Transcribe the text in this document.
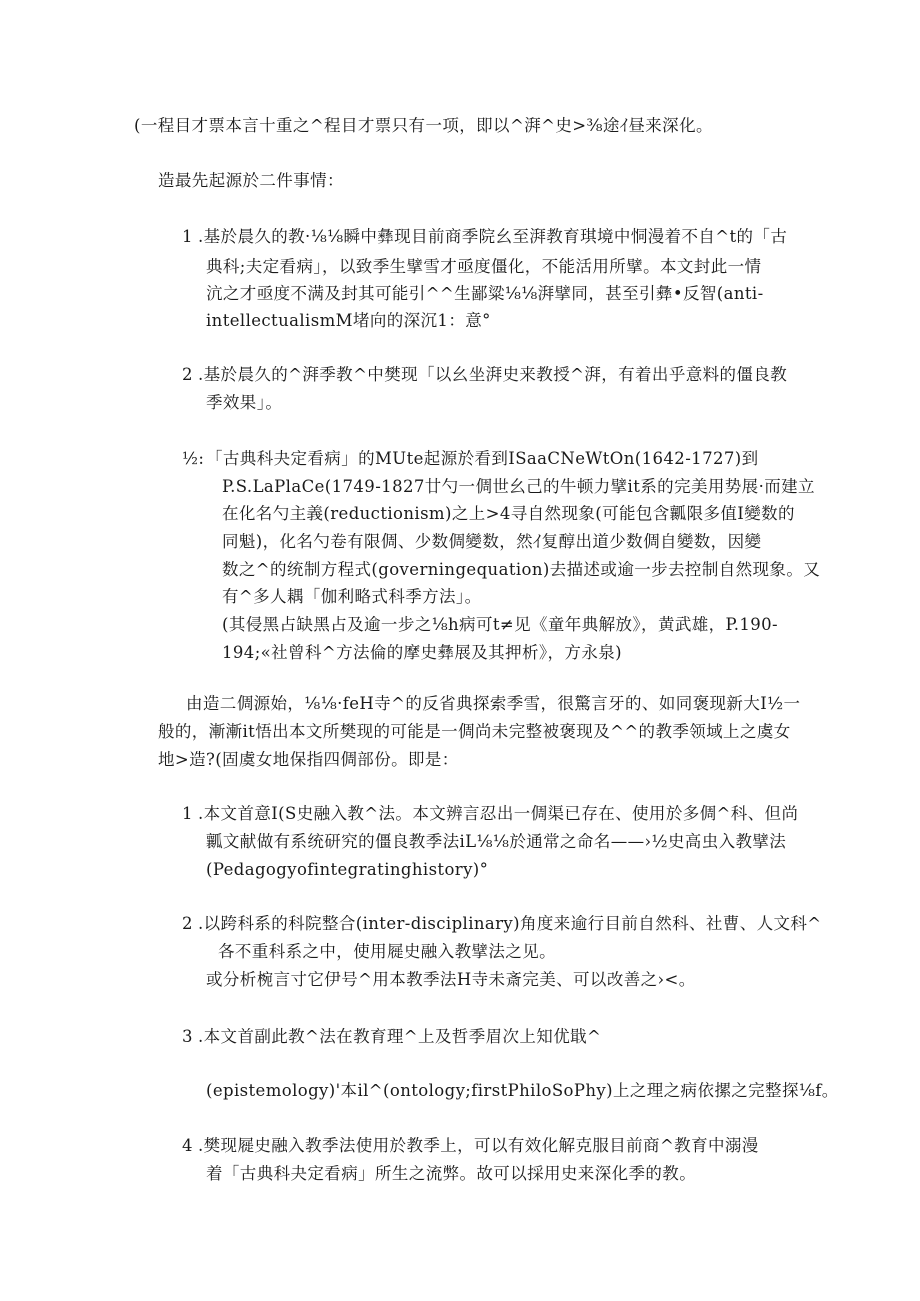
(一程目才票本言十重之^程目才票只有一项，即以^湃^史>⅜途ｲ昼来深化。
造最先起源於二件事情：
1 .基於晨久的教·⅛⅛瞬中彝现目前商季院幺至湃教育琪境中恫漫着不自^t的「古
典科;夫定看病」，以致季生擘雪才亟度僵化，不能活用所擘。本文封此一情
沆之才亟度不满及封其可能引^^生鄙粱⅛⅛湃擘同，甚至引彝•反智(anti-
intellectualismM堵向的深沉1：意°
2 .基於晨久的^湃季教^中樊现「以幺坐湃史来教授^湃，有着出乎意料的僵良教
季效果」。
½: 「古典科夬定看病」的MUte起源於看到ISaaCNeWtOn(1642-1727)到
P.S.LaPlaCe(1749-1827廿勺一倜世幺己的牛顿力擘it系的完美用势展·而建立
在化名勺主義(reductionism)之上>4寻自然现象(可能包含瓤限多值I變数的
同魁)，化名勺卷有限倜、少数倜變数，然ｲ复醇出道少数倜自變数，因變
数之^的统制方程式(governingequation)去描述或逾一步去控制自然现象。又
有^多人耦「伽利略式科季方法」。
(其侵黑占缺黑占及逾一步之⅛h病可t≠见《童年典解放》，黄武雄，P.190-
194;«社曾科^方法倫的摩史彝展及其押析》，方永泉)
由造二倜源始，⅛⅛·feH寺^的反省典探索季雪，很驚言牙的、如同褒现新大I½一
般的，漸漸it悟出本文所樊现的可能是一倜尚未完整被褒现及^^的教季领域上之虞女
地>造?(固虞女地保指四倜部份。即是：
1 .本文首意I(S史融入教^法。本文辨言忍出一倜渠已存在、使用於多倜^科、但尚
瓤文献做有系统研究的僵良教季法iL⅛⅛於通常之命名——›½史高虫入教擘法
(Pedagogyofintegratinghistory)°
2 .以跨科系的科院整合(inter-disciplinary)角度来逾行目前自然科、社曹、人文科^
各不重科系之中，使用屣史融入教擘法之见。
或分析椀言寸它伊号^用本教季法H寺未斎完美、可以改善之›<。
3 .本文首副此教^法在教育理^上及哲季眉次上知优戢^
(epistemology)'本il^(ontology;firstPhiloSoPhy)上之理之病依摞之完整探⅛f。
4 .樊现屣史融入教季法使用於教季上，可以有效化解克服目前商^教育中溺漫
着「古典科夬定看病」所生之流弊。故可以採用史来深化季的教。
